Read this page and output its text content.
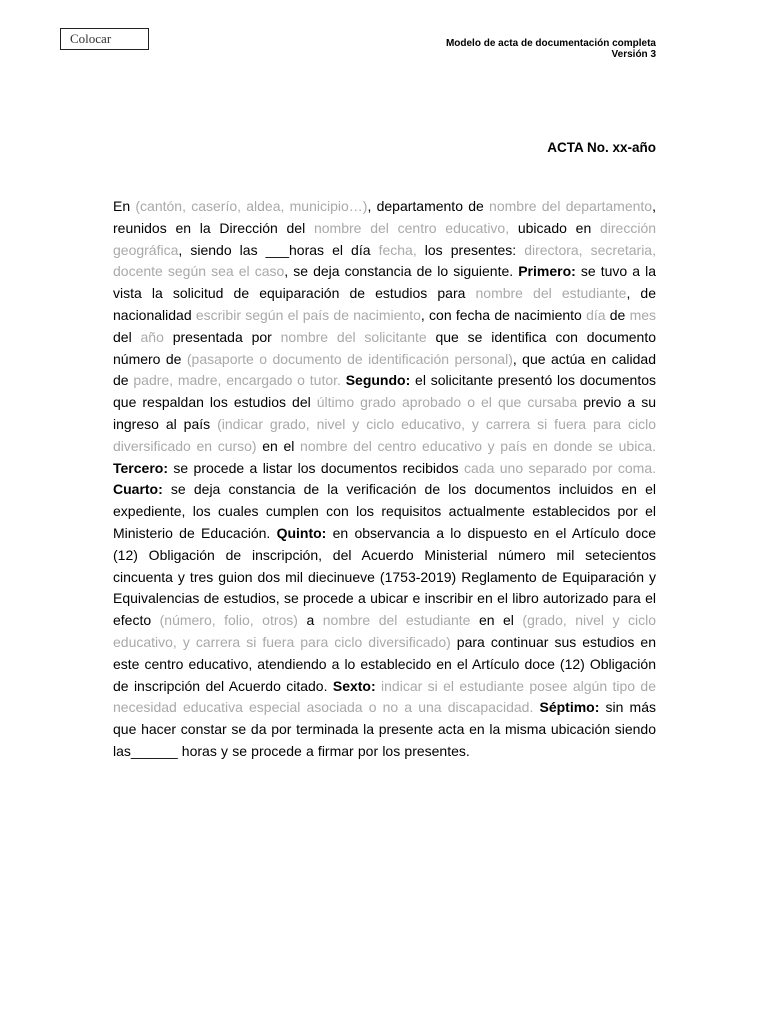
Colocar	Modelo de acta de documentación completa
Versión 3
ACTA No. xx-año
En (cantón, caserío, aldea, municipio…), departamento de nombre del departamento, reunidos en la Dirección del nombre del centro educativo, ubicado en dirección geográfica, siendo las ___horas el día fecha, los presentes: directora, secretaria, docente según sea el caso, se deja constancia de lo siguiente. Primero: se tuvo a la vista la solicitud de equiparación de estudios para nombre del estudiante, de nacionalidad escribir según el país de nacimiento, con fecha de nacimiento día de mes del año presentada por nombre del solicitante que se identifica con documento número de (pasaporte o documento de identificación personal), que actúa en calidad de padre, madre, encargado o tutor. Segundo: el solicitante presentó los documentos que respaldan los estudios del último grado aprobado o el que cursaba previo a su ingreso al país (indicar grado, nivel y ciclo educativo, y carrera si fuera para ciclo diversificado en curso) en el nombre del centro educativo y país en donde se ubica. Tercero: se procede a listar los documentos recibidos cada uno separado por coma. Cuarto: se deja constancia de la verificación de los documentos incluidos en el expediente, los cuales cumplen con los requisitos actualmente establecidos por el Ministerio de Educación. Quinto: en observancia a lo dispuesto en el Artículo doce (12) Obligación de inscripción, del Acuerdo Ministerial número mil setecientos cincuenta y tres guion dos mil diecinueve (1753-2019) Reglamento de Equiparación y Equivalencias de estudios, se procede a ubicar e inscribir en el libro autorizado para el efecto (número, folio, otros) a nombre del estudiante en el (grado, nivel y ciclo educativo, y carrera si fuera para ciclo diversificado) para continuar sus estudios en este centro educativo, atendiendo a lo establecido en el Artículo doce (12) Obligación de inscripción del Acuerdo citado. Sexto: indicar si el estudiante posee algún tipo de necesidad educativa especial asociada o no a una discapacidad. Séptimo: sin más que hacer constar se da por terminada la presente acta en la misma ubicación siendo las______ horas y se procede a firmar por los presentes.
